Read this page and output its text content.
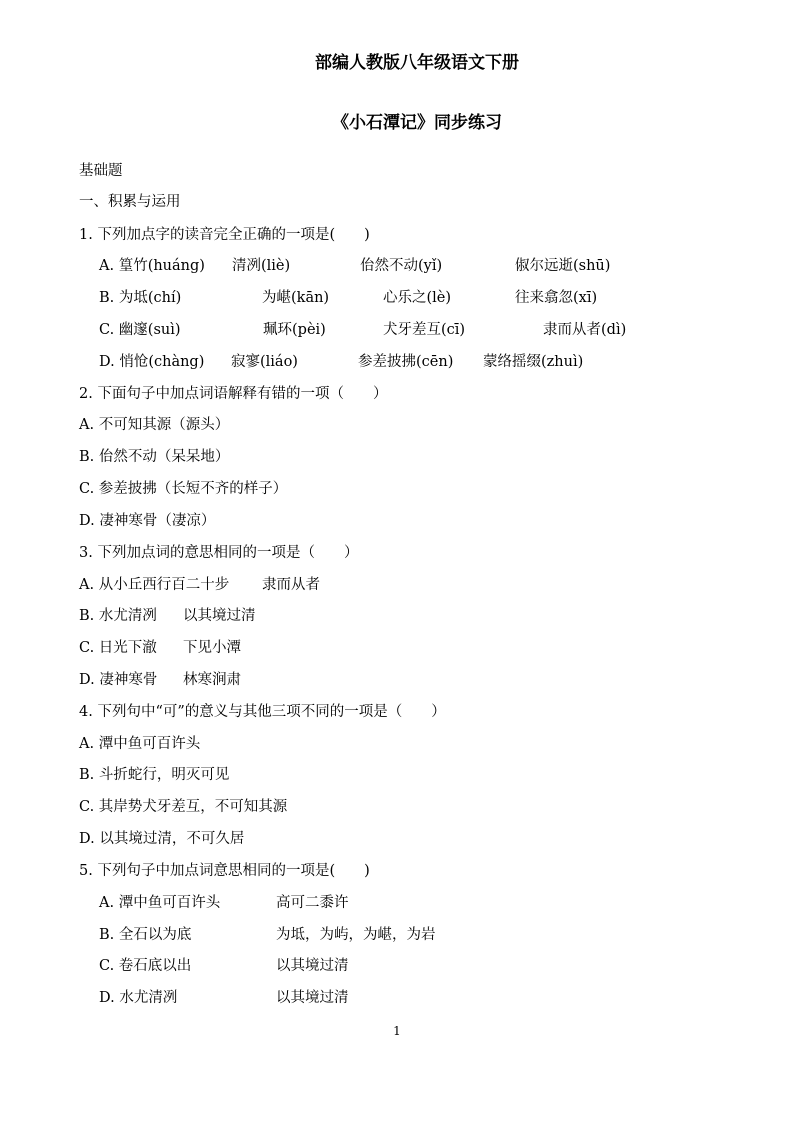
部编人教版八年级语文下册
《小石潭记》同步练习
基础题
一、积累与运用
1. 下列加点字的读音完全正确的一项是(　　)
A. 篁竹(huáng) 清冽(liè)	佁然不动(yǐ)	俶尔远逝(shū)
B. 为坻(chí)	为嵁(kān)	心乐之(lè)	往来翕忽(xī)
C. 幽邃(suì)	珮环(pèi)	犬牙差互(cī)	隶而从者(dì)
D. 悄怆(chàng) 寂寥(liáo)	参差披拂(cēn) 蒙络摇缀(zhuì)
2. 下面句子中加点词语解释有错的一项（　　）
A. 不可知其源（源头）
B. 佁然不动（呆呆地）
C. 参差披拂（长短不齐的样子）
D. 凄神寒骨（凄凉）
3. 下列加点词的意思相同的一项是（　　）
A. 从小丘西行百二十步 隶而从者
B. 水尤清冽 以其境过清
C. 日光下澈 下见小潭
D. 凄神寒骨 林寒涧肃
4. 下列句中“可”的意义与其他三项不同的一项是（　　）
A. 潭中鱼可百许头
B. 斗折蛇行，明灭可见
C. 其岸势犬牙差互，不可知其源
D. 以其境过清，不可久居
5. 下列句子中加点词意思相同的一项是(　　)
A. 潭中鱼可百许头	高可二黍许
B. 全石以为底	为坻，为屿，为嵁，为岩
C. 卷石底以出	以其境过清
D. 水尤清冽	以其境过清
1
